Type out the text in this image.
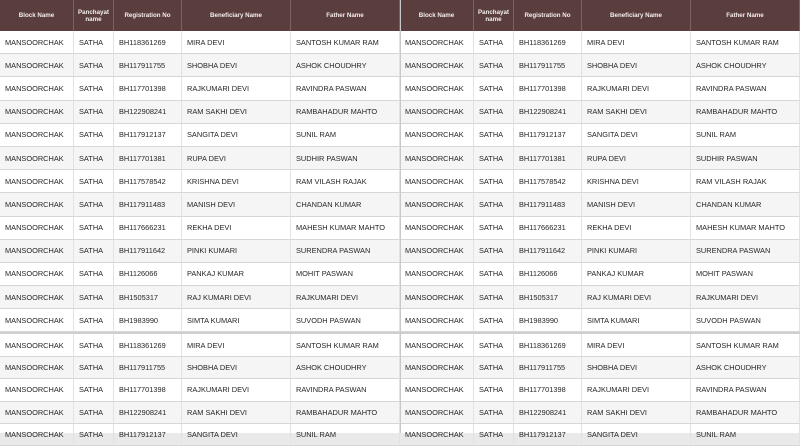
Block Name	Panchayat name	Registration No	Beneficiary Name	Father Name	Block Name	Panchayat name	Registration No	Beneficiary Name	Father Name
MANSOORCHAK	SATHA	BH118361269	MIRA DEVI	SANTOSH KUMAR RAM	MANSOORCHAK	SATHA	BH118361269	MIRA DEVI	SANTOSH KUMAR RAM
MANSOORCHAK	SATHA	BH117911755	SHOBHA DEVI	ASHOK CHOUDHRY	MANSOORCHAK	SATHA	BH117911755	SHOBHA DEVI	ASHOK CHOUDHRY
MANSOORCHAK	SATHA	BH117701398	RAJKUMARI DEVI	RAVINDRA PASWAN	MANSOORCHAK	SATHA	BH117701398	RAJKUMARI DEVI	RAVINDRA PASWAN
MANSOORCHAK	SATHA	BH122908241	RAM SAKHI DEVI	RAMBAHADUR MAHTO	MANSOORCHAK	SATHA	BH122908241	RAM SAKHI DEVI	RAMBAHADUR MAHTO
MANSOORCHAK	SATHA	BH117912137	SANGITA DEVI	SUNIL RAM	MANSOORCHAK	SATHA	BH117912137	SANGITA DEVI	SUNIL RAM
MANSOORCHAK	SATHA	BH117701381	RUPA DEVI	SUDHIR PASWAN	MANSOORCHAK	SATHA	BH117701381	RUPA DEVI	SUDHIR PASWAN
MANSOORCHAK	SATHA	BH117578542	KRISHNA DEVI	RAM VILASH RAJAK	MANSOORCHAK	SATHA	BH117578542	KRISHNA DEVI	RAM VILASH RAJAK
MANSOORCHAK	SATHA	BH117911483	MANISH DEVI	CHANDAN KUMAR	MANSOORCHAK	SATHA	BH117911483	MANISH DEVI	CHANDAN KUMAR
MANSOORCHAK	SATHA	BH117666231	REKHA DEVI	MAHESH KUMAR MAHTO	MANSOORCHAK	SATHA	BH117666231	REKHA DEVI	MAHESH KUMAR MAHTO
MANSOORCHAK	SATHA	BH117911642	PINKI KUMARI	SURENDRA PASWAN	MANSOORCHAK	SATHA	BH117911642	PINKI KUMARI	SURENDRA PASWAN
MANSOORCHAK	SATHA	BH1126066	PANKAJ KUMAR	MOHIT PASWAN	MANSOORCHAK	SATHA	BH1126066	PANKAJ KUMAR	MOHIT PASWAN
MANSOORCHAK	SATHA	BH1505317	RAJ KUMARI DEVI	RAJKUMARI DEVI	MANSOORCHAK	SATHA	BH1505317	RAJ KUMARI DEVI	RAJKUMARI DEVI
MANSOORCHAK	SATHA	BH1983990	SIMTA KUMARI	SUVODH PASWAN	MANSOORCHAK	SATHA	BH1983990	SIMTA KUMARI	SUVODH PASWAN
MANSOORCHAK	SATHA	BH118361269	MIRA DEVI	SANTOSH KUMAR RAM	MANSOORCHAK	SATHA	BH118361269	MIRA DEVI	SANTOSH KUMAR RAM
MANSOORCHAK	SATHA	BH117911755	SHOBHA DEVI	ASHOK CHOUDHRY	MANSOORCHAK	SATHA	BH117911755	SHOBHA DEVI	ASHOK CHOUDHRY
MANSOORCHAK	SATHA	BH117701398	RAJKUMARI DEVI	RAVINDRA PASWAN	MANSOORCHAK	SATHA	BH117701398	RAJKUMARI DEVI	RAVINDRA PASWAN
MANSOORCHAK	SATHA	BH122908241	RAM SAKHI DEVI	RAMBAHADUR MAHTO	MANSOORCHAK	SATHA	BH122908241	RAM SAKHI DEVI	RAMBAHADUR MAHTO
MANSOORCHAK	SATHA	BH117912137	SANGITA DEVI	SUNIL RAM	MANSOORCHAK	SATHA	BH117912137	SANGITA DEVI	SUNIL RAM
